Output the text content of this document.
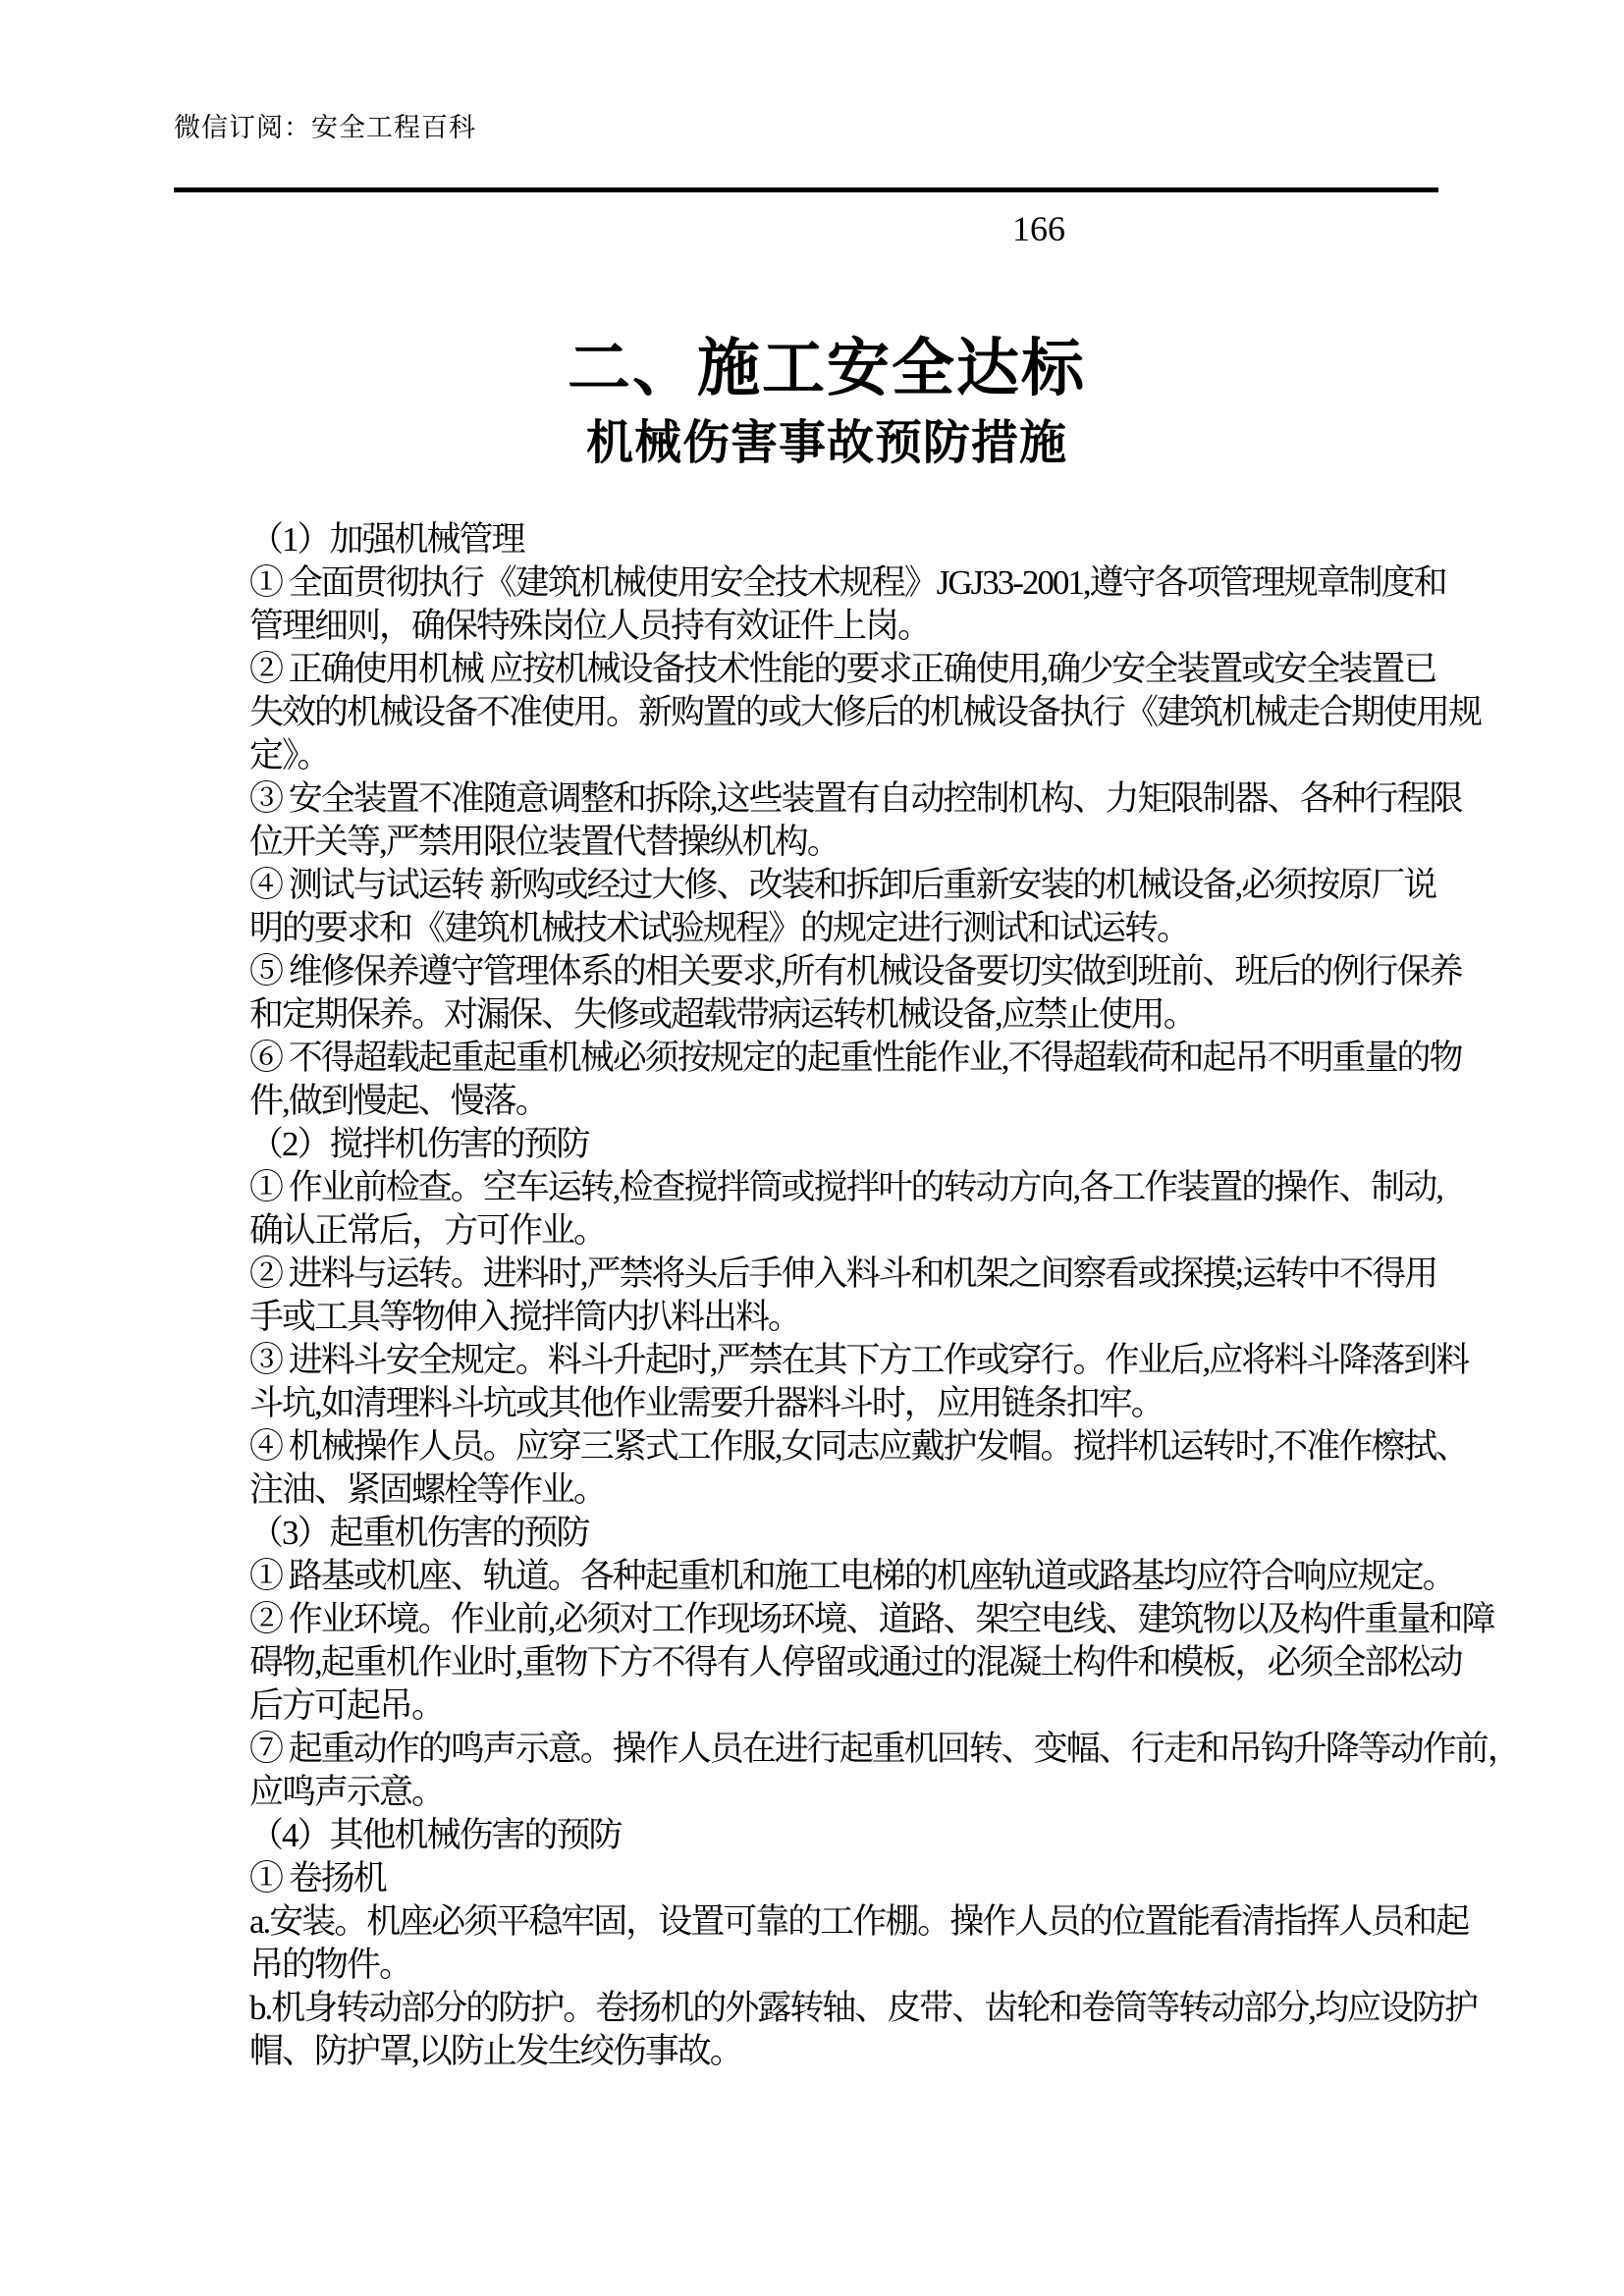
微信订阅：安全工程百科
166
二、施工安全达标
机械伤害事故预防措施
（1）加强机械管理
① 全面贯彻执行《建筑机械使用安全技术规程》JGJ33-2001,遵守各项管理规章制度和
管理细则，确保特殊岗位人员持有效证件上岗。
② 正确使用机械 应按机械设备技术性能的要求正确使用,确少安全装置或安全装置已
失效的机械设备不准使用。新购置的或大修后的机械设备执行《建筑机械走合期使用规
定》。
③ 安全装置不准随意调整和拆除,这些装置有自动控制机构、力矩限制器、各种行程限
位开关等,严禁用限位装置代替操纵机构。
④ 测试与试运转 新购或经过大修、改装和拆卸后重新安装的机械设备,必须按原厂说
明的要求和《建筑机械技术试验规程》的规定进行测试和试运转。
⑤ 维修保养遵守管理体系的相关要求,所有机械设备要切实做到班前、班后的例行保养
和定期保养。对漏保、失修或超载带病运转机械设备,应禁止使用。
⑥ 不得超载起重起重机械必须按规定的起重性能作业,不得超载荷和起吊不明重量的物
件,做到慢起、慢落。
（2）搅拌机伤害的预防
① 作业前检查。空车运转,检查搅拌筒或搅拌叶的转动方向,各工作装置的操作、制动,
确认正常后，方可作业。
② 进料与运转。进料时,严禁将头后手伸入料斗和机架之间察看或探摸;运转中不得用
手或工具等物伸入搅拌筒内扒料出料。
③ 进料斗安全规定。料斗升起时,严禁在其下方工作或穿行。作业后,应将料斗降落到料
斗坑,如清理料斗坑或其他作业需要升器料斗时，应用链条扣牢。
④ 机械操作人员。应穿三紧式工作服,女同志应戴护发帽。搅拌机运转时,不准作檫拭、
注油、紧固螺栓等作业。
（3）起重机伤害的预防
① 路基或机座、轨道。各种起重机和施工电梯的机座轨道或路基均应符合响应规定。
② 作业环境。作业前,必须对工作现场环境、道路、架空电线、建筑物以及构件重量和障
碍物,起重机作业时,重物下方不得有人停留或通过的混凝土构件和模板，必须全部松动
后方可起吊。
⑦ 起重动作的鸣声示意。操作人员在进行起重机回转、变幅、行走和吊钩升降等动作前，
应鸣声示意。
（4）其他机械伤害的预防
① 卷扬机
a.安装。机座必须平稳牢固，设置可靠的工作棚。操作人员的位置能看清指挥人员和起
吊的物件。
b.机身转动部分的防护。卷扬机的外露转轴、皮带、齿轮和卷筒等转动部分,均应设防护
帽、防护罩,以防止发生绞伤事故。
